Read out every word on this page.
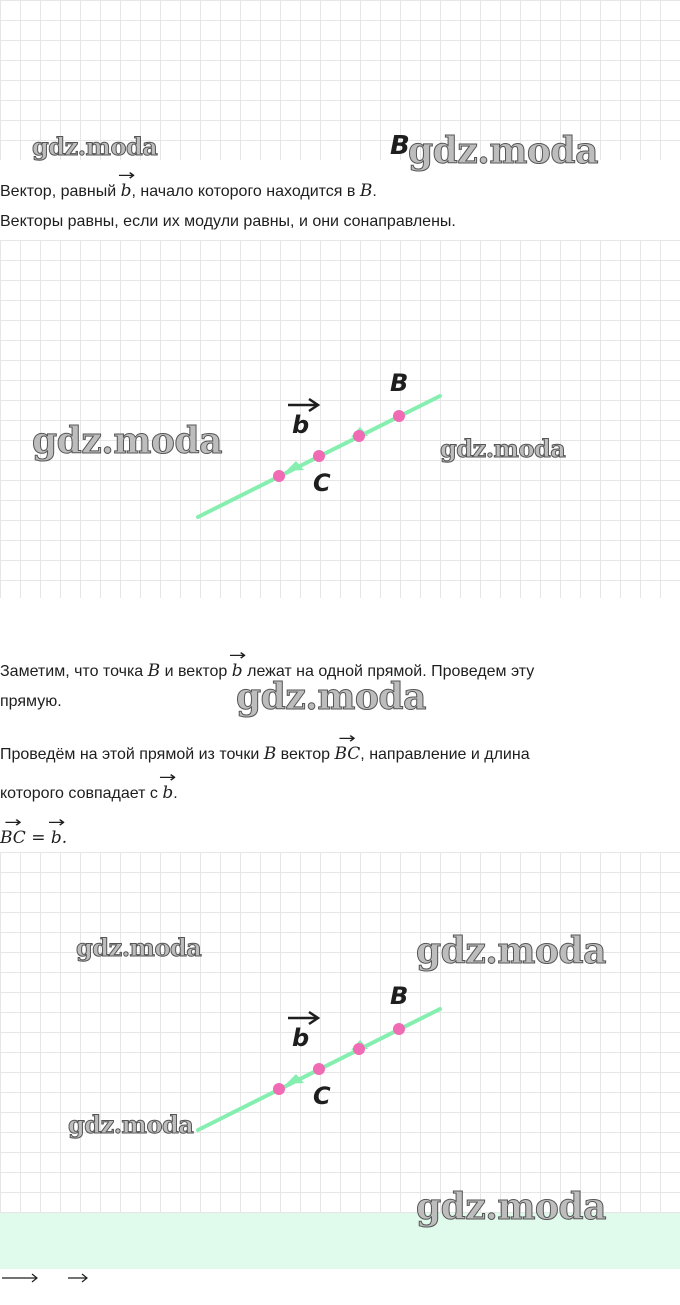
B
Вектор, равный → b, начало которого находится в B.
Векторы равны, если их модули равны, и они сонаправлены.
B
C
b
Заметим, что точка B и вектор → b лежат на одной прямой. Проведем эту
прямую.
Проведём на этой прямой из точки B вектор → BC, направление и длина
которого совпадает с → b.
→ BC = → b.
B
C
b
gdz.moda	gdz.moda
gdz.moda	gdz.moda
gdz.moda
gdz.moda	gdz.moda
gdz.moda
gdz.moda
